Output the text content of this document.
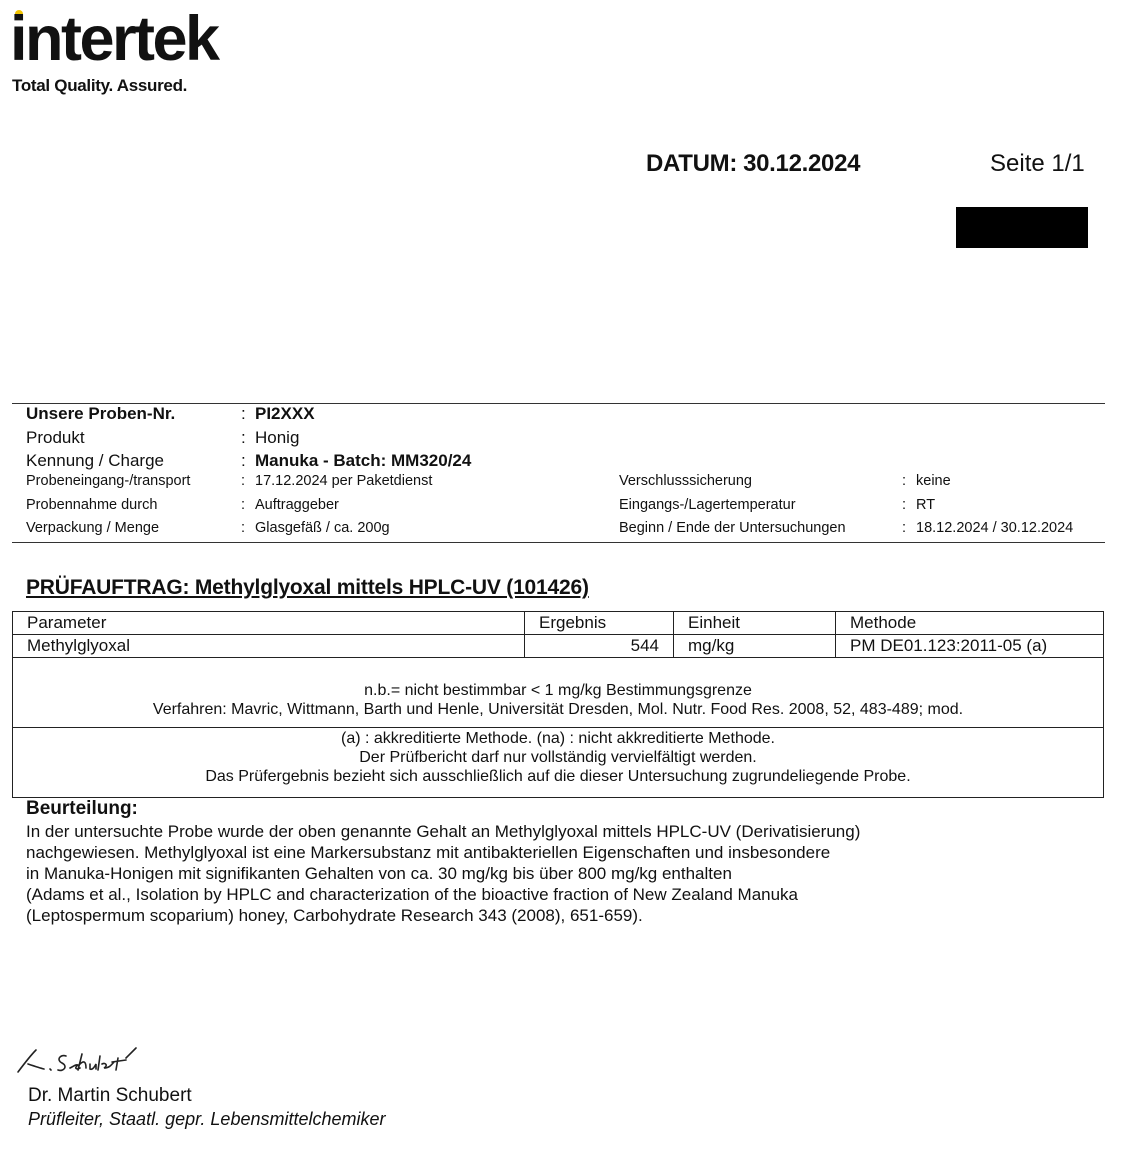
intertek
Total Quality. Assured.
DATUM: 30.12.2024	Seite 1/1
Unsere Proben-Nr.	: PI2XXX
Produkt	: Honig
Kennung / Charge	: Manuka - Batch: MM320/24
Probeneingang-/transport	: 17.12.2024 per Paketdienst
Probennahme durch	: Auftraggeber
Verpackung / Menge	: Glasgefäß / ca. 200g
Verschlusssicherung	: keine
Eingangs-/Lagertemperatur	: RT
Beginn / Ende der Untersuchungen	: 18.12.2024 / 30.12.2024
PRÜFAUFTRAG: Methylglyoxal mittels HPLC-UV (101426)
Parameter	Ergebnis	Einheit	Methode
Methylglyoxal	544	mg/kg	PM DE01.123:2011-05 (a)
n.b.= nicht bestimmbar < 1 mg/kg Bestimmungsgrenze
Verfahren: Mavric, Wittmann, Barth und Henle, Universität Dresden, Mol. Nutr. Food Res. 2008, 52, 483-489; mod.
(a) : akkreditierte Methode. (na) : nicht akkreditierte Methode.
Der Prüfbericht darf nur vollständig vervielfältigt werden.
Das Prüfergebnis bezieht sich ausschließlich auf die dieser Untersuchung zugrundeliegende Probe.
Beurteilung:
In der untersuchte Probe wurde der oben genannte Gehalt an Methylglyoxal mittels HPLC-UV (Derivatisierung)
nachgewiesen. Methylglyoxal ist eine Markersubstanz mit antibakteriellen Eigenschaften und insbesondere
in Manuka-Honigen mit signifikanten Gehalten von ca. 30 mg/kg bis über 800 mg/kg enthalten
(Adams et al., Isolation by HPLC and characterization of the bioactive fraction of New Zealand Manuka
(Leptospermum scoparium) honey, Carbohydrate Research 343 (2008), 651-659).
Dr. Martin Schubert
Prüfleiter, Staatl. gepr. Lebensmittelchemiker
